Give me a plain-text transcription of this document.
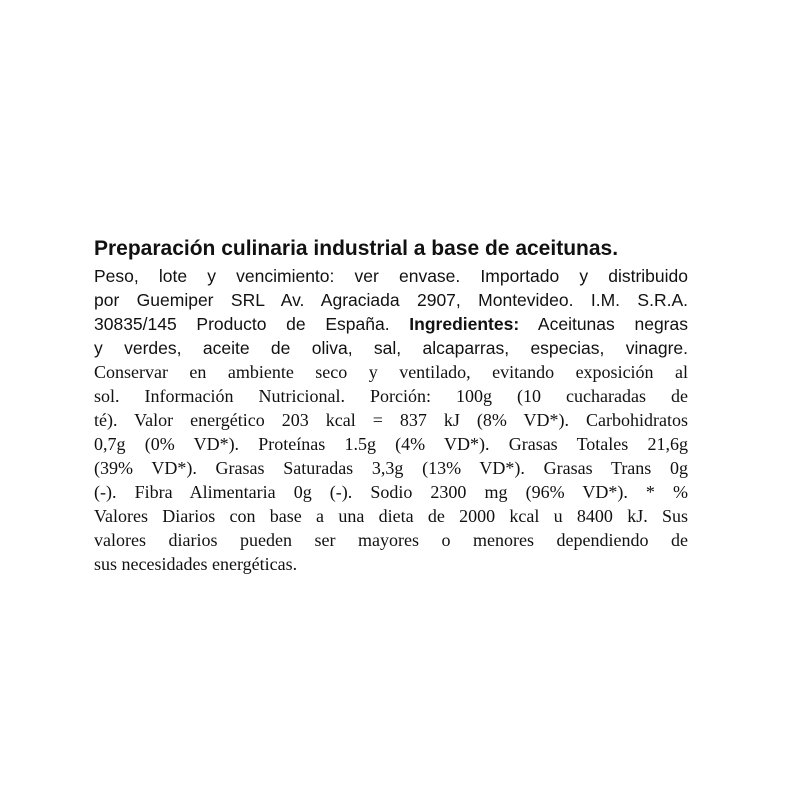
Preparación culinaria industrial a base de aceitunas.
Peso, lote y vencimiento: ver envase. Importado y distribuido
por Guemiper SRL Av. Agraciada 2907, Montevideo. I.M. S.R.A.
30835/145 Producto de España. Ingredientes: Aceitunas negras
y verdes, aceite de oliva, sal, alcaparras, especias, vinagre.
Conservar en ambiente seco y ventilado, evitando exposición al
sol. Información Nutricional. Porción: 100g (10 cucharadas de
té). Valor energético 203 kcal = 837 kJ (8% VD*). Carbohidratos
0,7g (0% VD*). Proteínas 1.5g (4% VD*). Grasas Totales 21,6g
(39% VD*). Grasas Saturadas 3,3g (13% VD*). Grasas Trans 0g
(-). Fibra Alimentaria 0g (-). Sodio 2300 mg (96% VD*). * %
Valores Diarios con base a una dieta de 2000 kcal u 8400 kJ. Sus
valores diarios pueden ser mayores o menores dependiendo de
sus necesidades energéticas.
